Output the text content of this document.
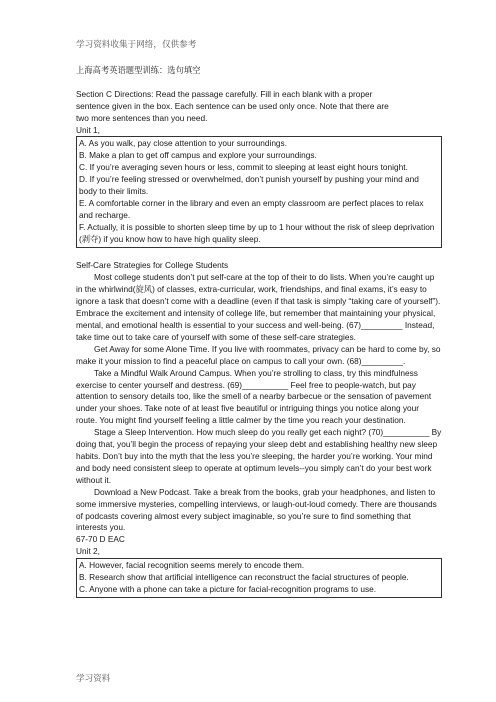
学习资料收集于网络，仅供参考
上海高考英语题型训练：选句填空
Section C Directions: Read the passage carefully. Fill in each blank with a proper
sentence given in the box. Each sentence can be used only once. Note that there are
two more sentences than you need.
Unit 1,
A. As you walk, pay close attention to your surroundings.
B. Make a plan to get off campus and explore your surroundings.
C. If you’re averaging seven hours or less, commit to sleeping at least eight hours tonight.
D. If you’re feeling stressed or overwhelmed, don’t punish yourself by pushing your mind and body to their limits.
E. A comfortable corner in the library and even an empty classroom are perfect places to relax and recharge.
F. Actually, it is possible to shorten sleep time by up to 1 hour without the risk of sleep deprivation (剥夺) if you know how to have high quality sleep.
Self-Care Strategies for College Students

Most college students don’t put self-care at the top of their to do lists. When you’re caught up in the whirlwind(旋风) of classes, extra-curricular, work, friendships, and final exams, it’s easy to ignore a task that doesn’t come with a deadline (even if that task is simply “taking care of yourself”). Embrace the excitement and intensity of college life, but remember that maintaining your physical, mental, and emotional health is essential to your success and well-being. (67)_________ Instead, take time out to take care of yourself with some of these self-care strategies.

Get Away for some Alone Time. If you live with roommates, privacy can be hard to come by, so make it your mission to find a peaceful place on campus to call your own. (68)_________.

Take a Mindful Walk Around Campus. When you’re strolling to class, try this mindfulness exercise to center yourself and destress. (69)__________ Feel free to people-watch, but pay attention to sensory details too, like the smell of a nearby barbecue or the sensation of pavement under your shoes. Take note of at least five beautiful or intriguing things you notice along your route. You might find yourself feeling a little calmer by the time you reach your destination.

Stage a Sleep Intervention. How much sleep do you really get each night? (70)__________ By doing that, you’ll begin the process of repaying your sleep debt and establishing healthy new sleep habits. Don’t buy into the myth that the less you’re sleeping, the harder you’re working. Your mind and body need consistent sleep to operate at optimum levels--you simply can’t do your best work without it.

Download a New Podcast. Take a break from the books, grab your headphones, and listen to some immersive mysteries, compelling interviews, or laugh-out-loud comedy. There are thousands of podcasts covering almost every subject imaginable, so you’re sure to find something that interests you.

67-70 D EAC
Unit 2,
A. However, facial recognition seems merely to encode them.
B. Research show that artificial intelligence can reconstruct the facial structures of people.
C. Anyone with a phone can take a picture for facial-recognition programs to use.
学习资料
